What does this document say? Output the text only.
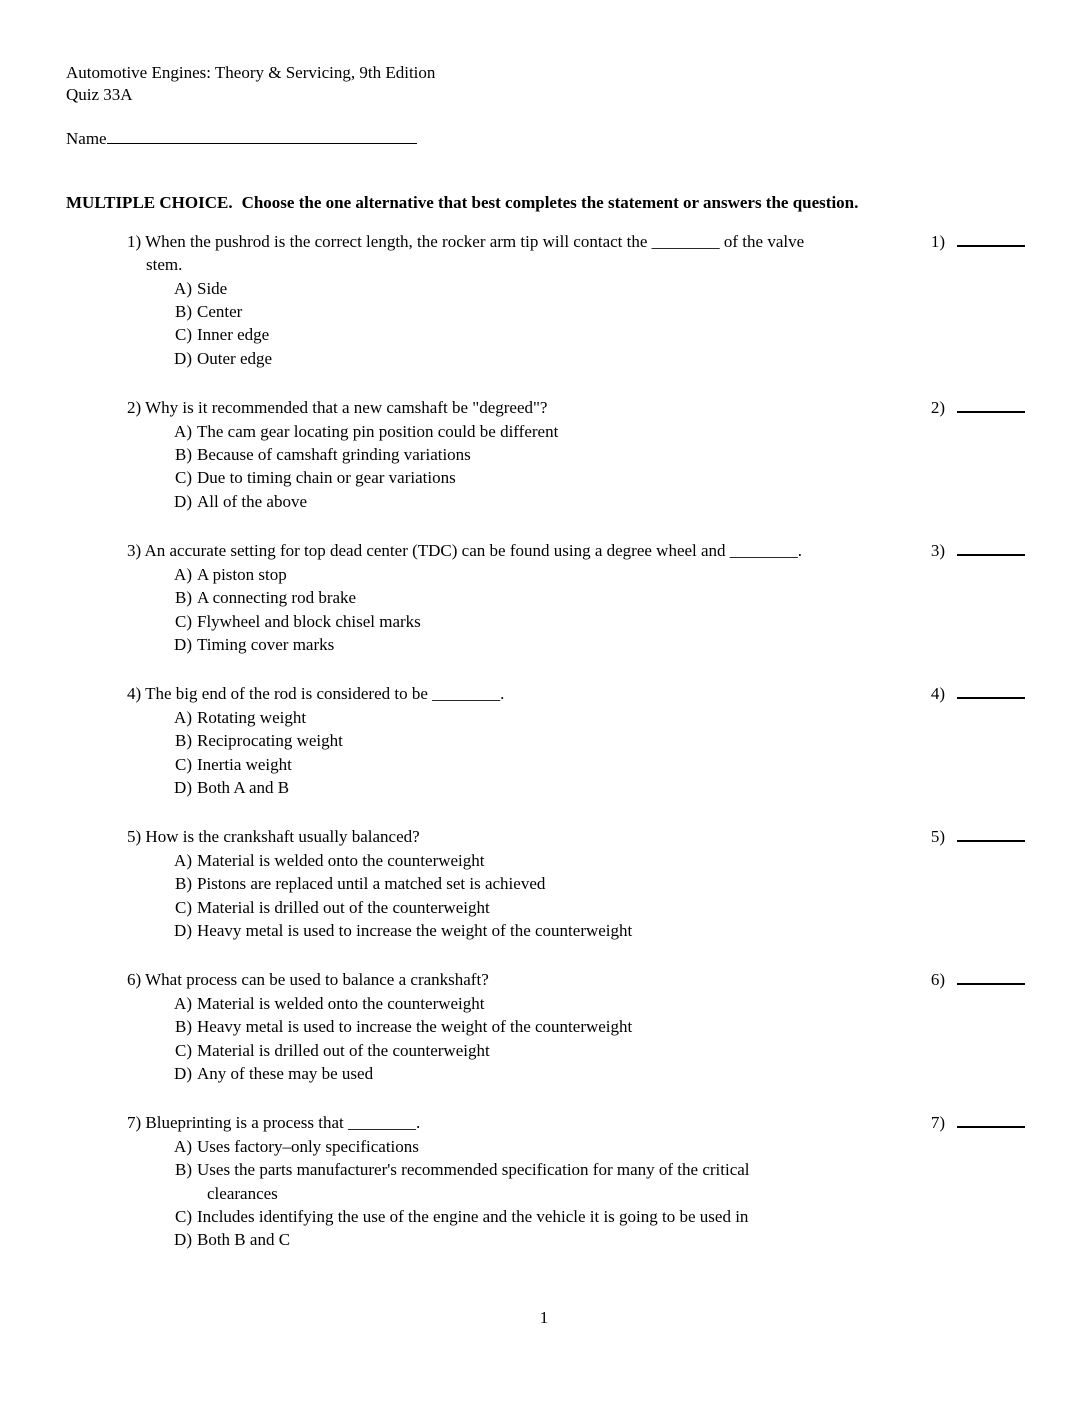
Automotive Engines: Theory & Servicing, 9th Edition
Quiz 33A
Name
MULTIPLE CHOICE. Choose the one alternative that best completes the statement or answers the question.
1) When the pushrod is the correct length, the rocker arm tip will contact the ________ of the valve
stem.
A) Side
B) Center
C) Inner edge
D) Outer edge
1)
2) Why is it recommended that a new camshaft be "degreed"?
A) The cam gear locating pin position could be different
B) Because of camshaft grinding variations
C) Due to timing chain or gear variations
D) All of the above
2)
3) An accurate setting for top dead center (TDC) can be found using a degree wheel and ________.
A) A piston stop
B) A connecting rod brake
C) Flywheel and block chisel marks
D) Timing cover marks
3)
4) The big end of the rod is considered to be ________.
A) Rotating weight
B) Reciprocating weight
C) Inertia weight
D) Both A and B
4)
5) How is the crankshaft usually balanced?
A) Material is welded onto the counterweight
B) Pistons are replaced until a matched set is achieved
C) Material is drilled out of the counterweight
D) Heavy metal is used to increase the weight of the counterweight
5)
6) What process can be used to balance a crankshaft?
A) Material is welded onto the counterweight
B) Heavy metal is used to increase the weight of the counterweight
C) Material is drilled out of the counterweight
D) Any of these may be used
6)
7) Blueprinting is a process that ________.
A) Uses factory–only specifications
B) Uses the parts manufacturer's recommended specification for many of the critical
clearances
C) Includes identifying the use of the engine and the vehicle it is going to be used in
D) Both B and C
7)
1
